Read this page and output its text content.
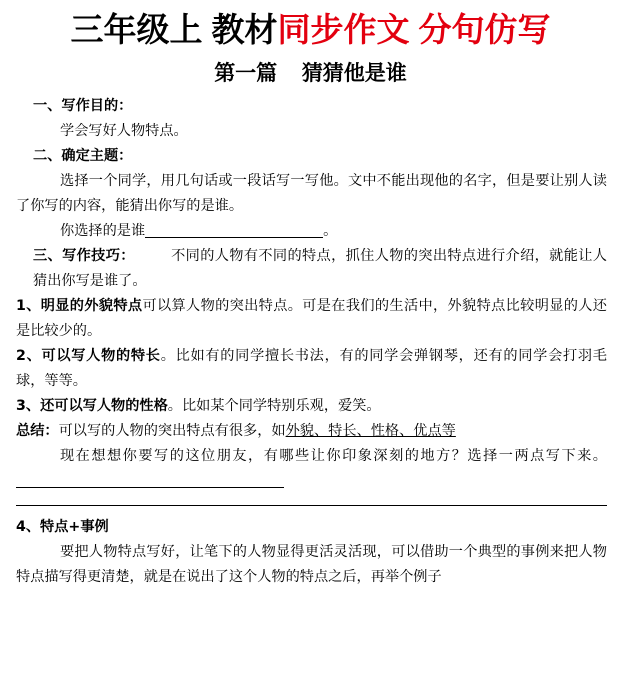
三年级上 教材 同步作文 分句仿写
第一篇 猜猜他是谁

一、写作目的：

学会写好人物特点。

二、确定主题：

选择一个同学，用几句话或一段话写一写他。文中不能出现他的名字，但是要让别人读了你写的内容，能猜出你写的是谁。

你选择的是谁	。

三、写作技巧：	不同的人物有不同的特点，抓住人物的突出特点进行介绍，就能让人猜出你写是谁了。

1、明显的外貌特点可以算人物的突出特点。可是在我们的生活中，外貌特点比较明显的人还是比较少的。

2、可以写人物的特长。比如有的同学擅长书法，有的同学会弹钢琴，还有的同学会打羽毛球，等等。

3、还可以写人物的性格。比如某个同学特别乐观，爱笑。

总结：可以写的人物的突出特点有很多，如外貌、特长、性格、优点等

现在想想你要写的这位朋友，有哪些让你印象深刻的地方？选择一两点写下来。

4、特点+事例

要把人物特点写好，让笔下的人物显得更活灵活现，可以借助一个典型的事例来把人物特点描写得更清楚，就是在说出了这个人物的特点之后，再举个例子
